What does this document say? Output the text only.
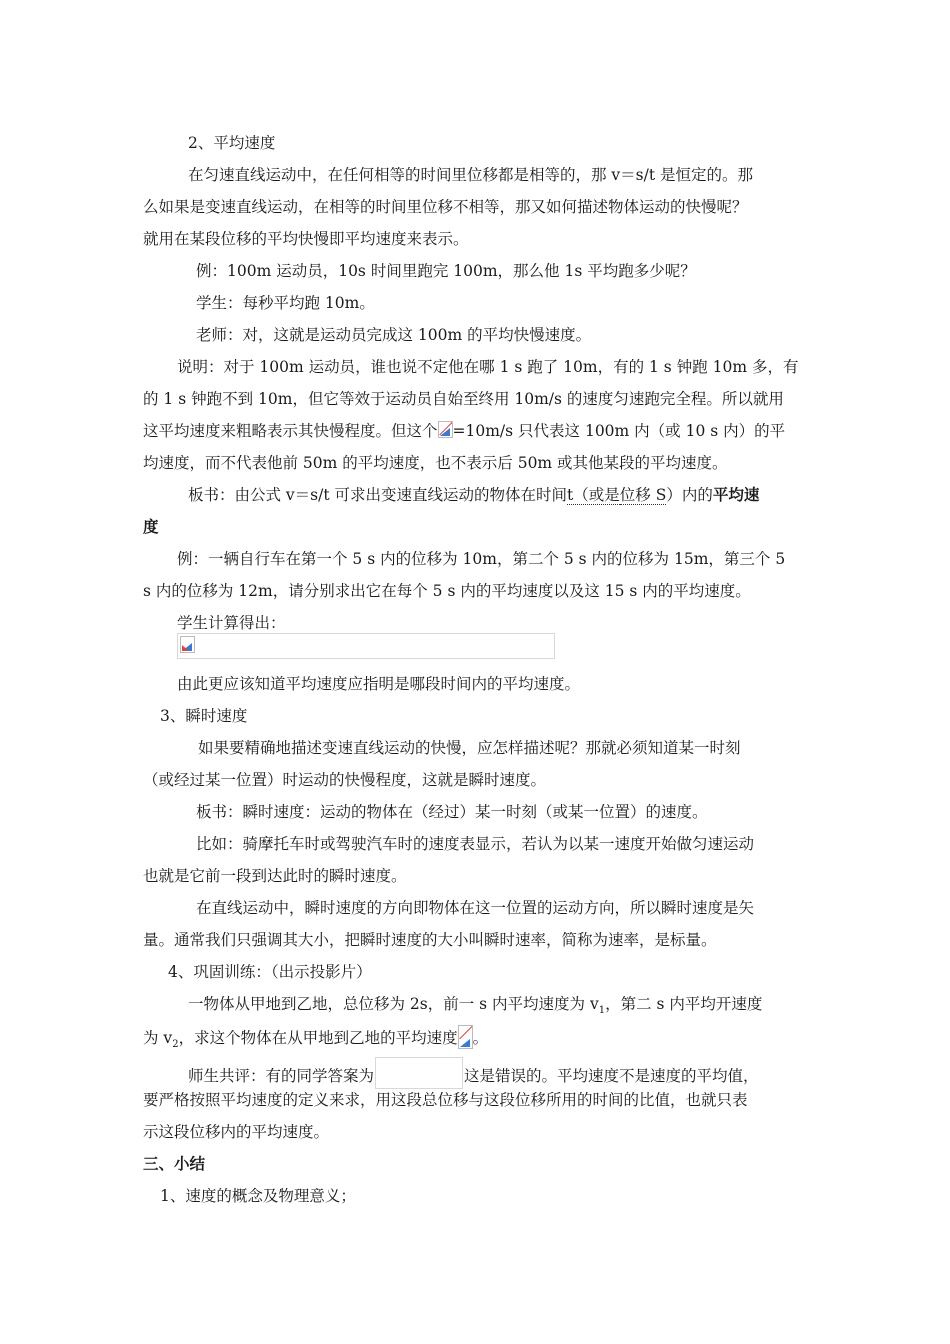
2、平均速度
在匀速直线运动中，在任何相等的时间里位移都是相等的，那 v＝s/t 是恒定的。那
么如果是变速直线运动，在相等的时间里位移不相等，那又如何描述物体运动的快慢呢？
就用在某段位移的平均快慢即平均速度来表示。
例：100m 运动员，10s 时间里跑完 100m，那么他 1s 平均跑多少呢？
学生：每秒平均跑 10m。
老师：对，这就是运动员完成这 100m 的平均快慢速度。
说明：对于 100m 运动员，谁也说不定他在哪 1 s 跑了 10m，有的 1 s 钟跑 10m 多，有
的 1 s 钟跑不到 10m，但它等效于运动员自始至终用 10m/s 的速度匀速跑完全程。所以就用
这平均速度来粗略表示其快慢程度。但这个 =10m/s 只代表这 100m 内（或 10 s 内）的平
均速度，而不代表他前 50m 的平均速度，也不表示后 50m 或其他某段的平均速度。
板书：由公式 v＝s/t 可求出变速直线运动的物体在时间t（或是位移 S）内的平均速
度
例：一辆自行车在第一个 5 s 内的位移为 10m，第二个 5 s 内的位移为 15m，第三个 5
s 内的位移为 12m，请分别求出它在每个 5 s 内的平均速度以及这 15 s 内的平均速度。
学生计算得出：
由此更应该知道平均速度应指明是哪段时间内的平均速度。
3、瞬时速度
如果要精确地描述变速直线运动的快慢，应怎样描述呢？那就必须知道某一时刻
（或经过某一位置）时运动的快慢程度，这就是瞬时速度。
板书：瞬时速度：运动的物体在（经过）某一时刻（或某一位置）的速度。
比如：骑摩托车时或驾驶汽车时的速度表显示，若认为以某一速度开始做匀速运动
也就是它前一段到达此时的瞬时速度。
在直线运动中，瞬时速度的方向即物体在这一位置的运动方向，所以瞬时速度是矢
量。通常我们只强调其大小，把瞬时速度的大小叫瞬时速率，简称为速率，是标量。
4、巩固训练：（出示投影片）
一物体从甲地到乙地，总位移为 2s，前一 s 内平均速度为 $v_1$，第二 s 内平均开速度
为 $v_2$，求这个物体在从甲地到乙地的平均速度 。
师生共评：有的同学答案为	这是错误的。平均速度不是速度的平均值，
要严格按照平均速度的定义来求，用这段总位移与这段位移所用的时间的比值，也就只表
示这段位移内的平均速度。
三、小结
1、速度的概念及物理意义；
